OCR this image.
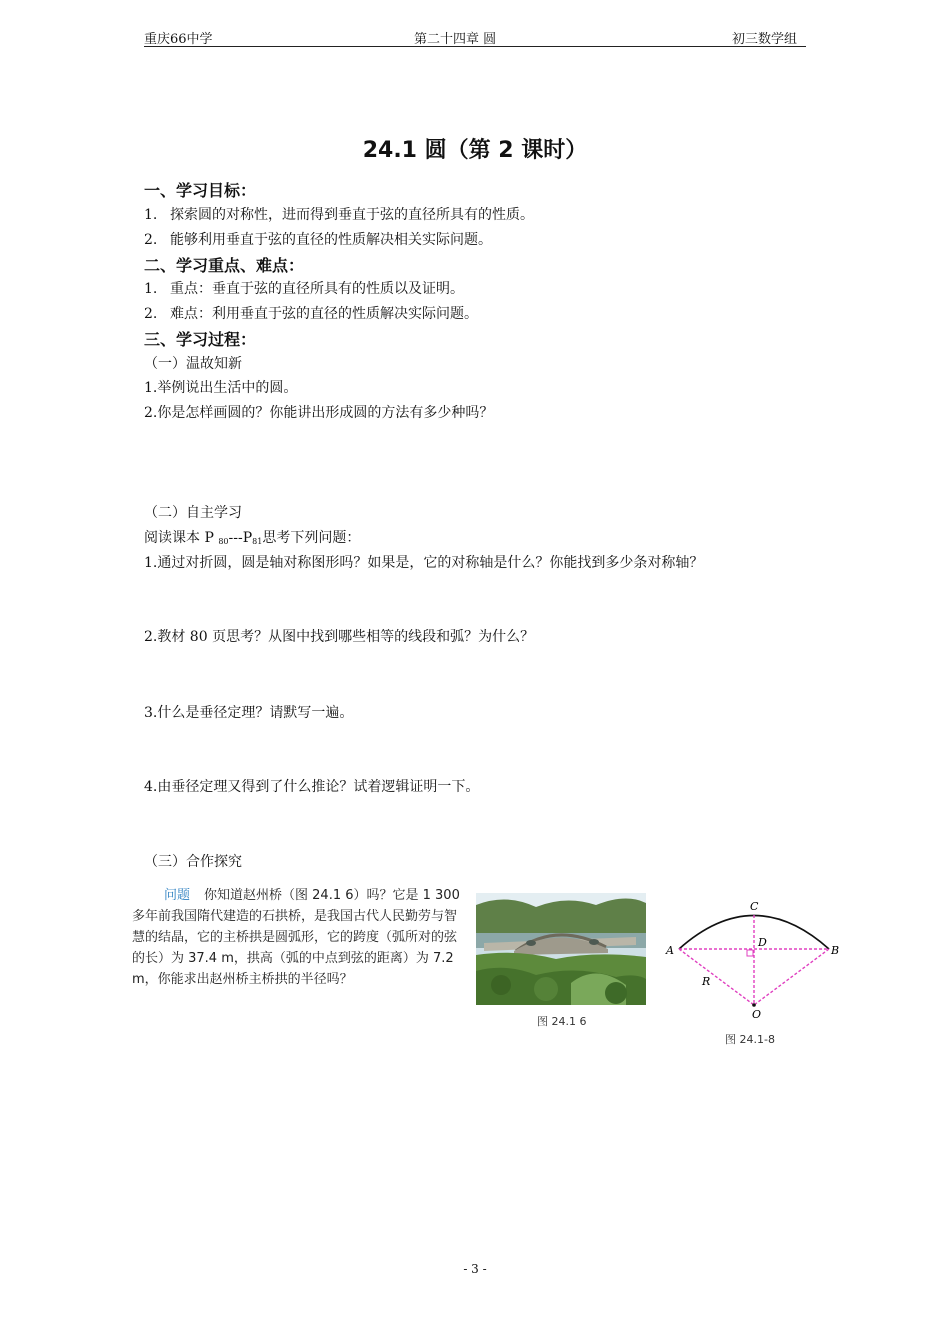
重庆66中学	第二十四章 圆	初三数学组
24.1 圆（第 2 课时）
一、学习目标：
1. 探索圆的对称性，进而得到垂直于弦的直径所具有的性质。
2. 能够利用垂直于弦的直径的性质解决相关实际问题。
二、学习重点、难点：
1. 重点：垂直于弦的直径所具有的性质以及证明。
2. 难点：利用垂直于弦的直径的性质解决实际问题。
三、学习过程：
（一）温故知新
1.举例说出生活中的圆。
2.你是怎样画圆的？你能讲出形成圆的方法有多少种吗？
（二）自主学习
阅读课本 P $_{80}---P_{81}$思考下列问题：
1.通过对折圆，圆是轴对称图形吗？如果是，它的对称轴是什么？你能找到多少条对称轴？
2.教材 80 页思考？从图中找到哪些相等的线段和弧？为什么？
3.什么是垂径定理？请默写一遍。
4.由垂径定理又得到了什么推论？试着逻辑证明一下。
（三）合作探究
问题 你知道赵州桥（图 24.1 6）吗？它是 1 300多年前我国隋代建造的石拱桥，是我国古代人民勤劳与智慧的结晶，它的主桥拱是圆弧形，它的跨度（弧所对的弦的长）为 37.4 m，拱高（弧的中点到弦的距离）为 7.2 m，你能求出赵州桥主桥拱的半径吗？
图 24.1 6
A	B
C
D
O
R
图 24.1-8
- 3 -
